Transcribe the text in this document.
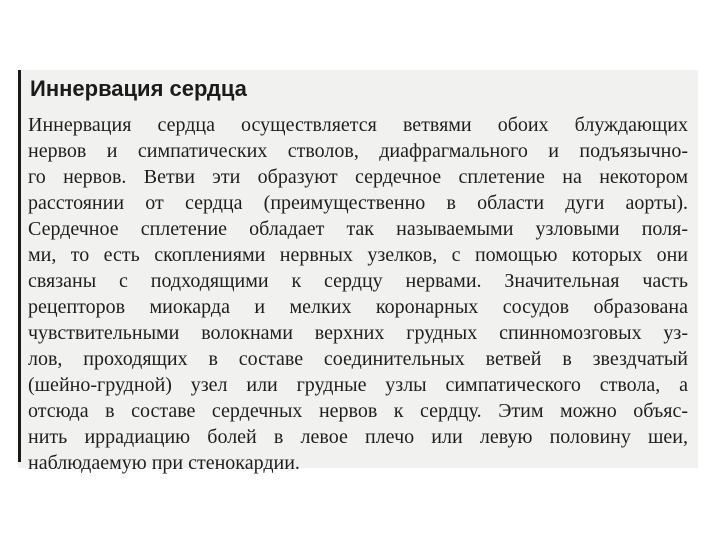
Иннервация сердца
Иннервация сердца осуществляется ветвями обоих блуждающих
нервов и симпатических стволов, диафрагмального и подъязычно-
го нервов. Ветви эти образуют сердечное сплетение на некотором
расстоянии от сердца (преимущественно в области дуги аорты).
Сердечное сплетение обладает так называемыми узловыми поля-
ми, то есть скоплениями нервных узелков, с помощью которых они
связаны с подходящими к сердцу нервами. Значительная часть
рецепторов миокарда и мелких коронарных сосудов образована
чувствительными волокнами верхних грудных спинномозговых уз-
лов, проходящих в составе соединительных ветвей в звездчатый
(шейно-грудной) узел или грудные узлы симпатического ствола, а
отсюда в составе сердечных нервов к сердцу. Этим можно объяс-
нить иррадиацию болей в левое плечо или левую половину шеи,
наблюдаемую при стенокардии.
